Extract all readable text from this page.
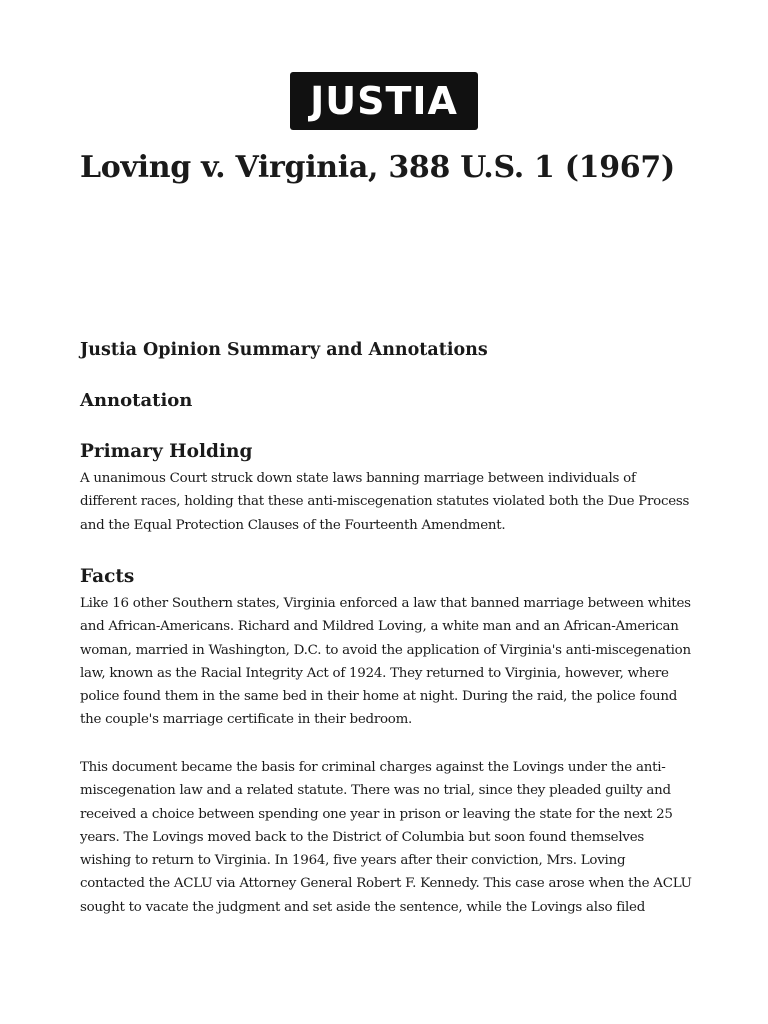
JUSTIA
Loving v. Virginia, 388 U.S. 1 (1967)
Justia Opinion Summary and Annotations
Annotation
Primary Holding

A unanimous Court struck down state laws banning marriage between individuals of different races, holding that these anti-miscegenation statutes violated both the Due Process and the Equal Protection Clauses of the Fourteenth Amendment.

Facts

Like 16 other Southern states, Virginia enforced a law that banned marriage between whites and African-Americans. Richard and Mildred Loving, a white man and an African-American woman, married in Washington, D.C. to avoid the application of Virginia's anti-miscegenation law, known as the Racial Integrity Act of 1924. They returned to Virginia, however, where police found them in the same bed in their home at night. During the raid, the police found the couple's marriage certificate in their bedroom.

This document became the basis for criminal charges against the Lovings under the anti-miscegenation law and a related statute. There was no trial, since they pleaded guilty and received a choice between spending one year in prison or leaving the state for the next 25 years. The Lovings moved back to the District of Columbia but soon found themselves wishing to return to Virginia. In 1964, five years after their conviction, Mrs. Loving contacted the ACLU via Attorney General Robert F. Kennedy. This case arose when the ACLU sought to vacate the judgment and set aside the sentence, while the Lovings also filed
